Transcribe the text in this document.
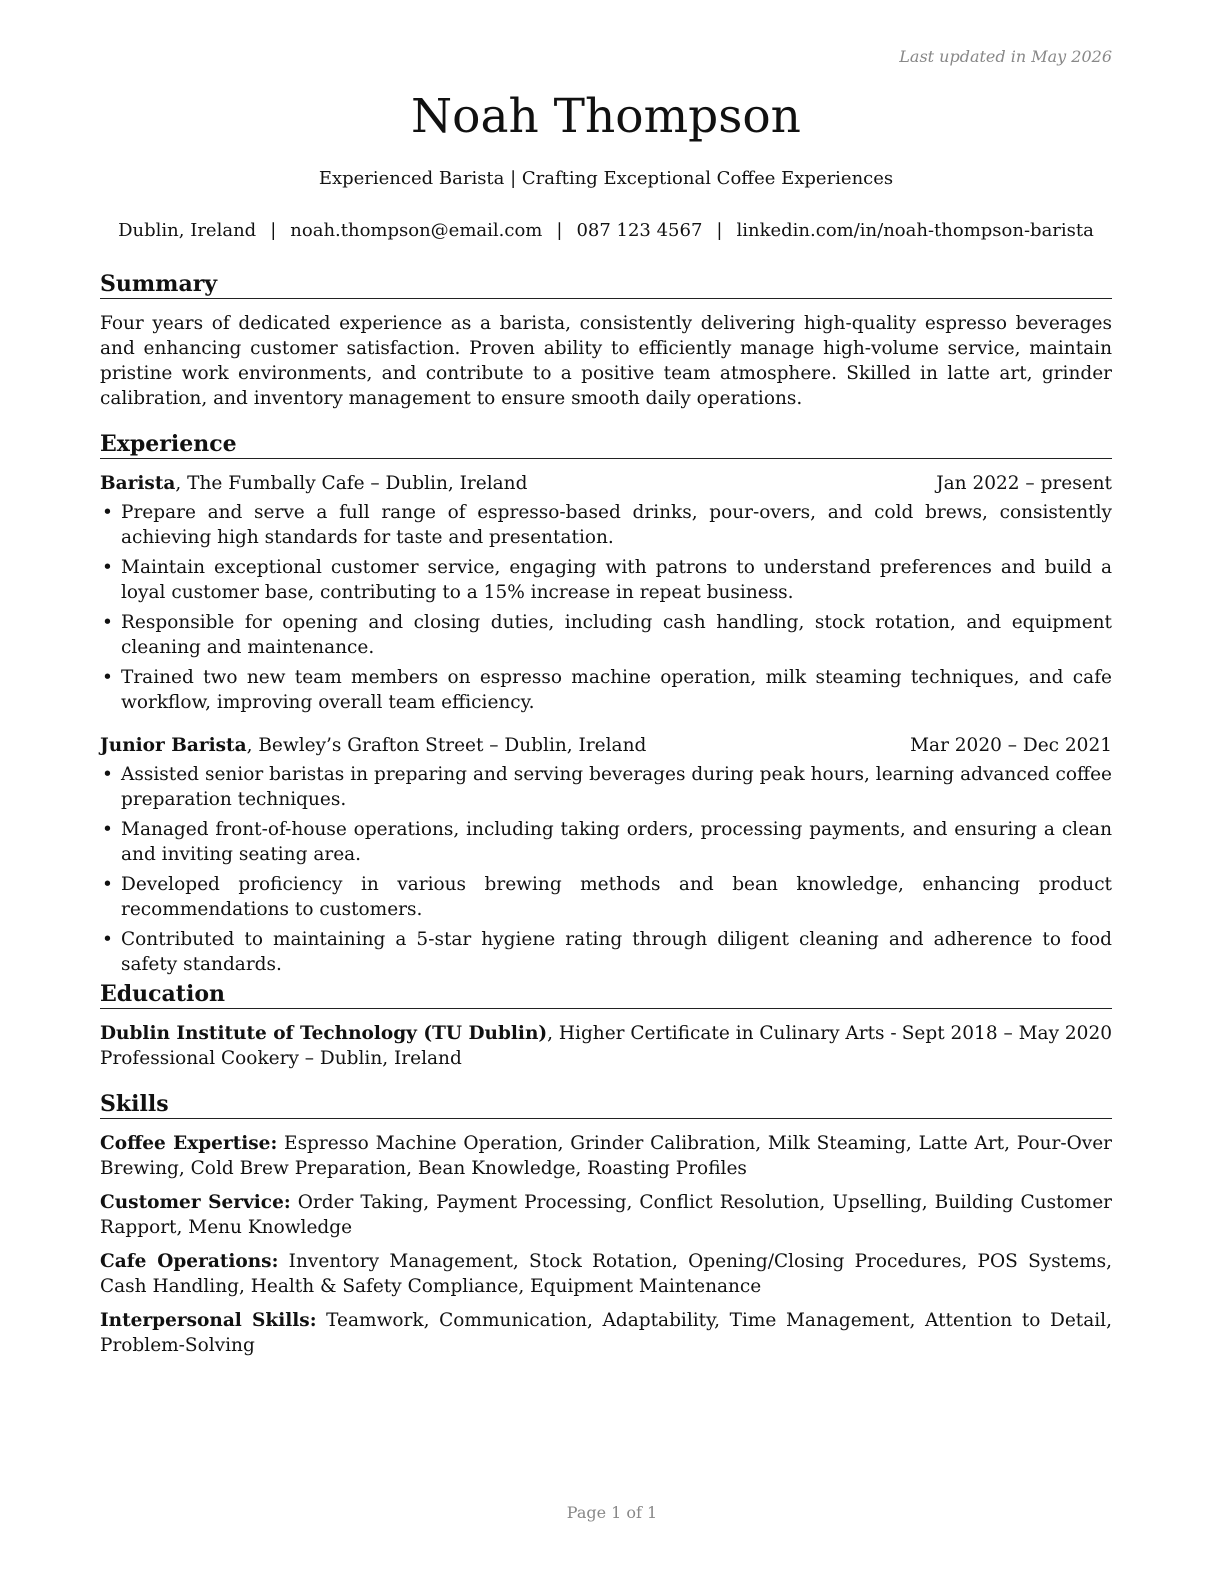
Last updated in May 2026
Noah Thompson
Experienced Barista | Crafting Exceptional Coffee Experiences
Dublin, Ireland | noah.thompson@email.com | 087 123 4567 | linkedin.com/in/noah-thompson-barista
Summary

Four years of dedicated experience as a barista, consistently delivering high-quality espresso beverages and enhancing customer satisfaction. Proven ability to efficiently manage high-volume service, maintain pristine work environments, and contribute to a positive team atmosphere. Skilled in latte art, grinder calibration, and inventory management to ensure smooth daily operations.

Experience
Barista, The Fumbally Cafe – Dublin, Ireland	Jan 2022 – present
• Prepare and serve a full range of espresso-based drinks, pour-overs, and cold brews, consistently achieving high standards for taste and presentation.
• Maintain exceptional customer service, engaging with patrons to understand preferences and build a loyal customer base, contributing to a 15% increase in repeat business.
• Responsible for opening and closing duties, including cash handling, stock rotation, and equipment cleaning and maintenance.
• Trained two new team members on espresso machine operation, milk steaming techniques, and cafe workflow, improving overall team efficiency.
Junior Barista, Bewley’s Grafton Street – Dublin, Ireland	Mar 2020 – Dec 2021
• Assisted senior baristas in preparing and serving beverages during peak hours, learning advanced coffee preparation techniques.
• Managed front-of-house operations, including taking orders, processing payments, and ensuring a clean and inviting seating area.
• Developed proficiency in various brewing methods and bean knowledge, enhancing product recommendations to customers.
• Contributed to maintaining a 5-star hygiene rating through diligent cleaning and adherence to food safety standards.
Education
Dublin Institute of Technology (TU Dublin), Higher Certificate in Culinary Arts - Professional Cookery – Dublin, Ireland
Sept 2018 – May 2020
Skills

Coffee Expertise: Espresso Machine Operation, Grinder Calibration, Milk Steaming, Latte Art, Pour-Over Brewing, Cold Brew Preparation, Bean Knowledge, Roasting Profiles

Customer Service: Order Taking, Payment Processing, Conflict Resolution, Upselling, Building Customer Rapport, Menu Knowledge

Cafe Operations: Inventory Management, Stock Rotation, Opening/Closing Procedures, POS Systems, Cash Handling, Health & Safety Compliance, Equipment Maintenance

Interpersonal Skills: Teamwork, Communication, Adaptability, Time Management, Attention to Detail, Problem-Solving

Page 1 of 1
